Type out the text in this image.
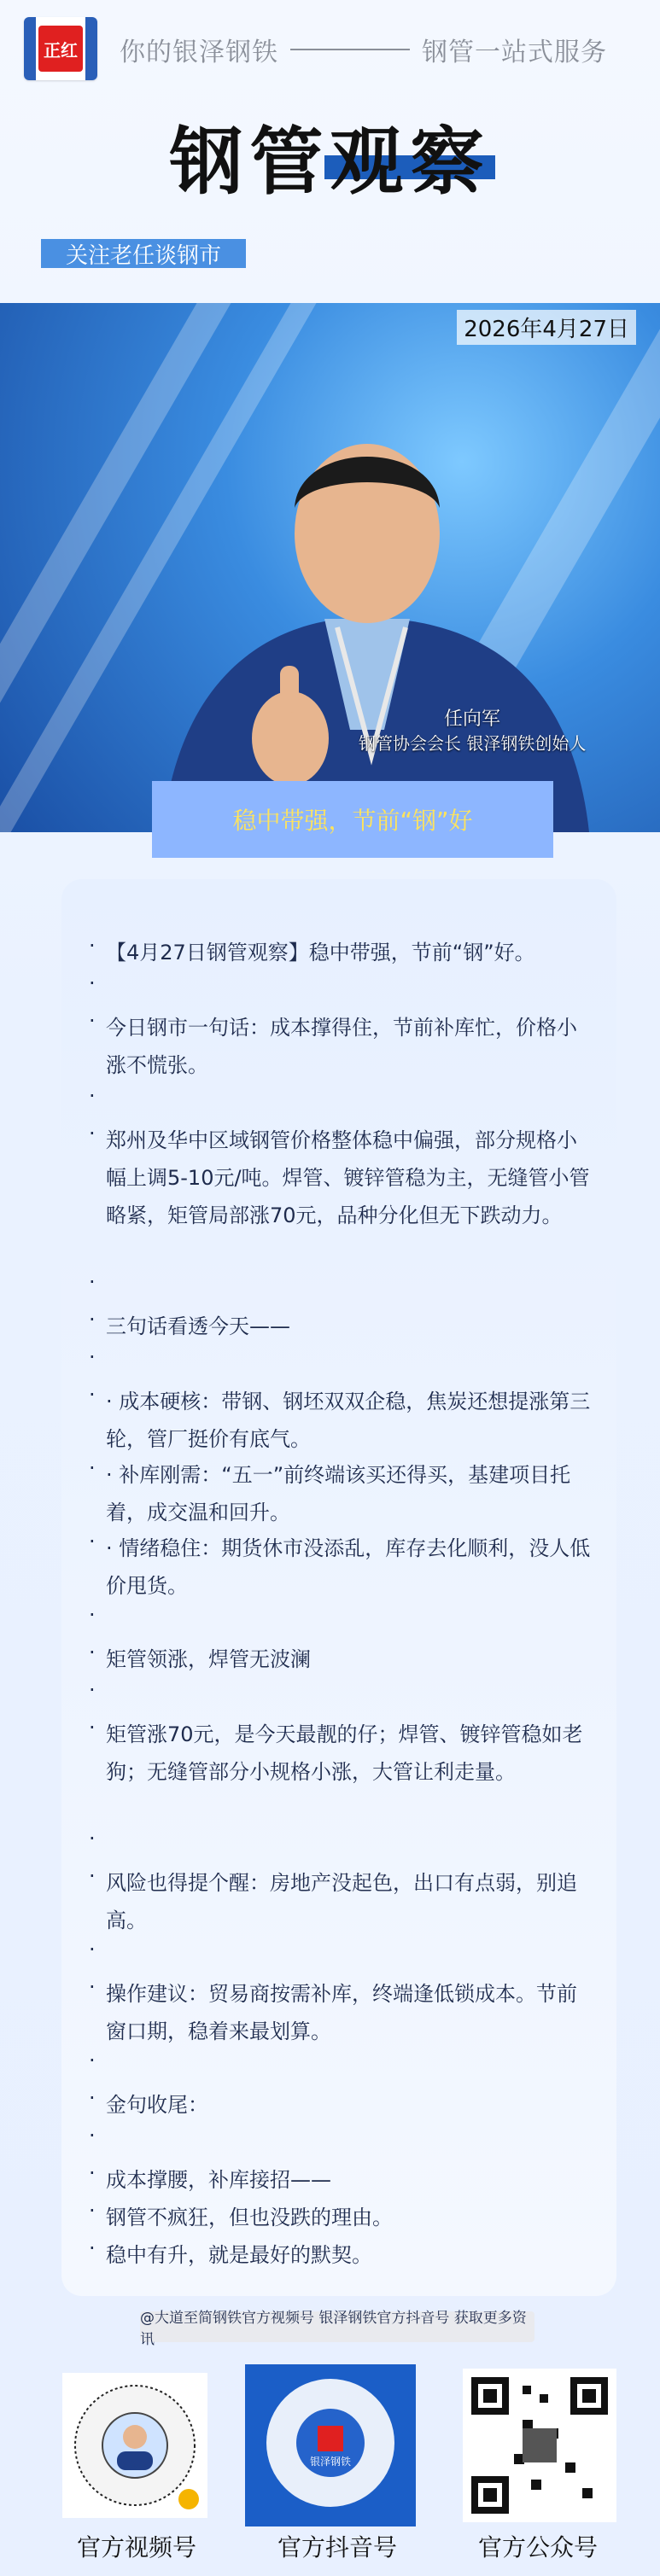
正红 你的银泽钢铁	钢管一站式服务
钢管观察
关注老任谈钢市
2026年4月27日
任向军
钢管协会会长 银泽钢铁创始人
稳中带强，节前“钢”好
· 【4月27日钢管观察】稳中带强，节前“钢”好。
·
· 今日钢市一句话：成本撑得住，节前补库忙，价格小涨不慌张。
·
· 郑州及华中区域钢管价格整体稳中偏强，部分规格小幅上调5-10元/吨。焊管、镀锌管稳为主，无缝管小管略紧，矩管局部涨70元，品种分化但无下跌动力。
·
· 三句话看透今天——
·
· · 成本硬核：带钢、钢坯双双企稳，焦炭还想提涨第三轮，管厂挺价有底气。
· · 补库刚需：“五一”前终端该买还得买，基建项目托着，成交温和回升。
· · 情绪稳住：期货休市没添乱，库存去化顺利，没人低价甩货。
·
· 矩管领涨，焊管无波澜
·
· 矩管涨70元，是今天最靓的仔；焊管、镀锌管稳如老狗；无缝管部分小规格小涨，大管让利走量。
·
· 风险也得提个醒：房地产没起色，出口有点弱，别追高。
·
· 操作建议：贸易商按需补库，终端逢低锁成本。节前窗口期，稳着来最划算。
·
· 金句收尾：
·
· 成本撑腰，补库接招——
· 钢管不疯狂，但也没跌的理由。
· 稳中有升，就是最好的默契。
@大道至简钢铁官方视频号 银泽钢铁官方抖音号 获取更多资讯
银泽钢铁
官方视频号	官方抖音号	官方公众号
